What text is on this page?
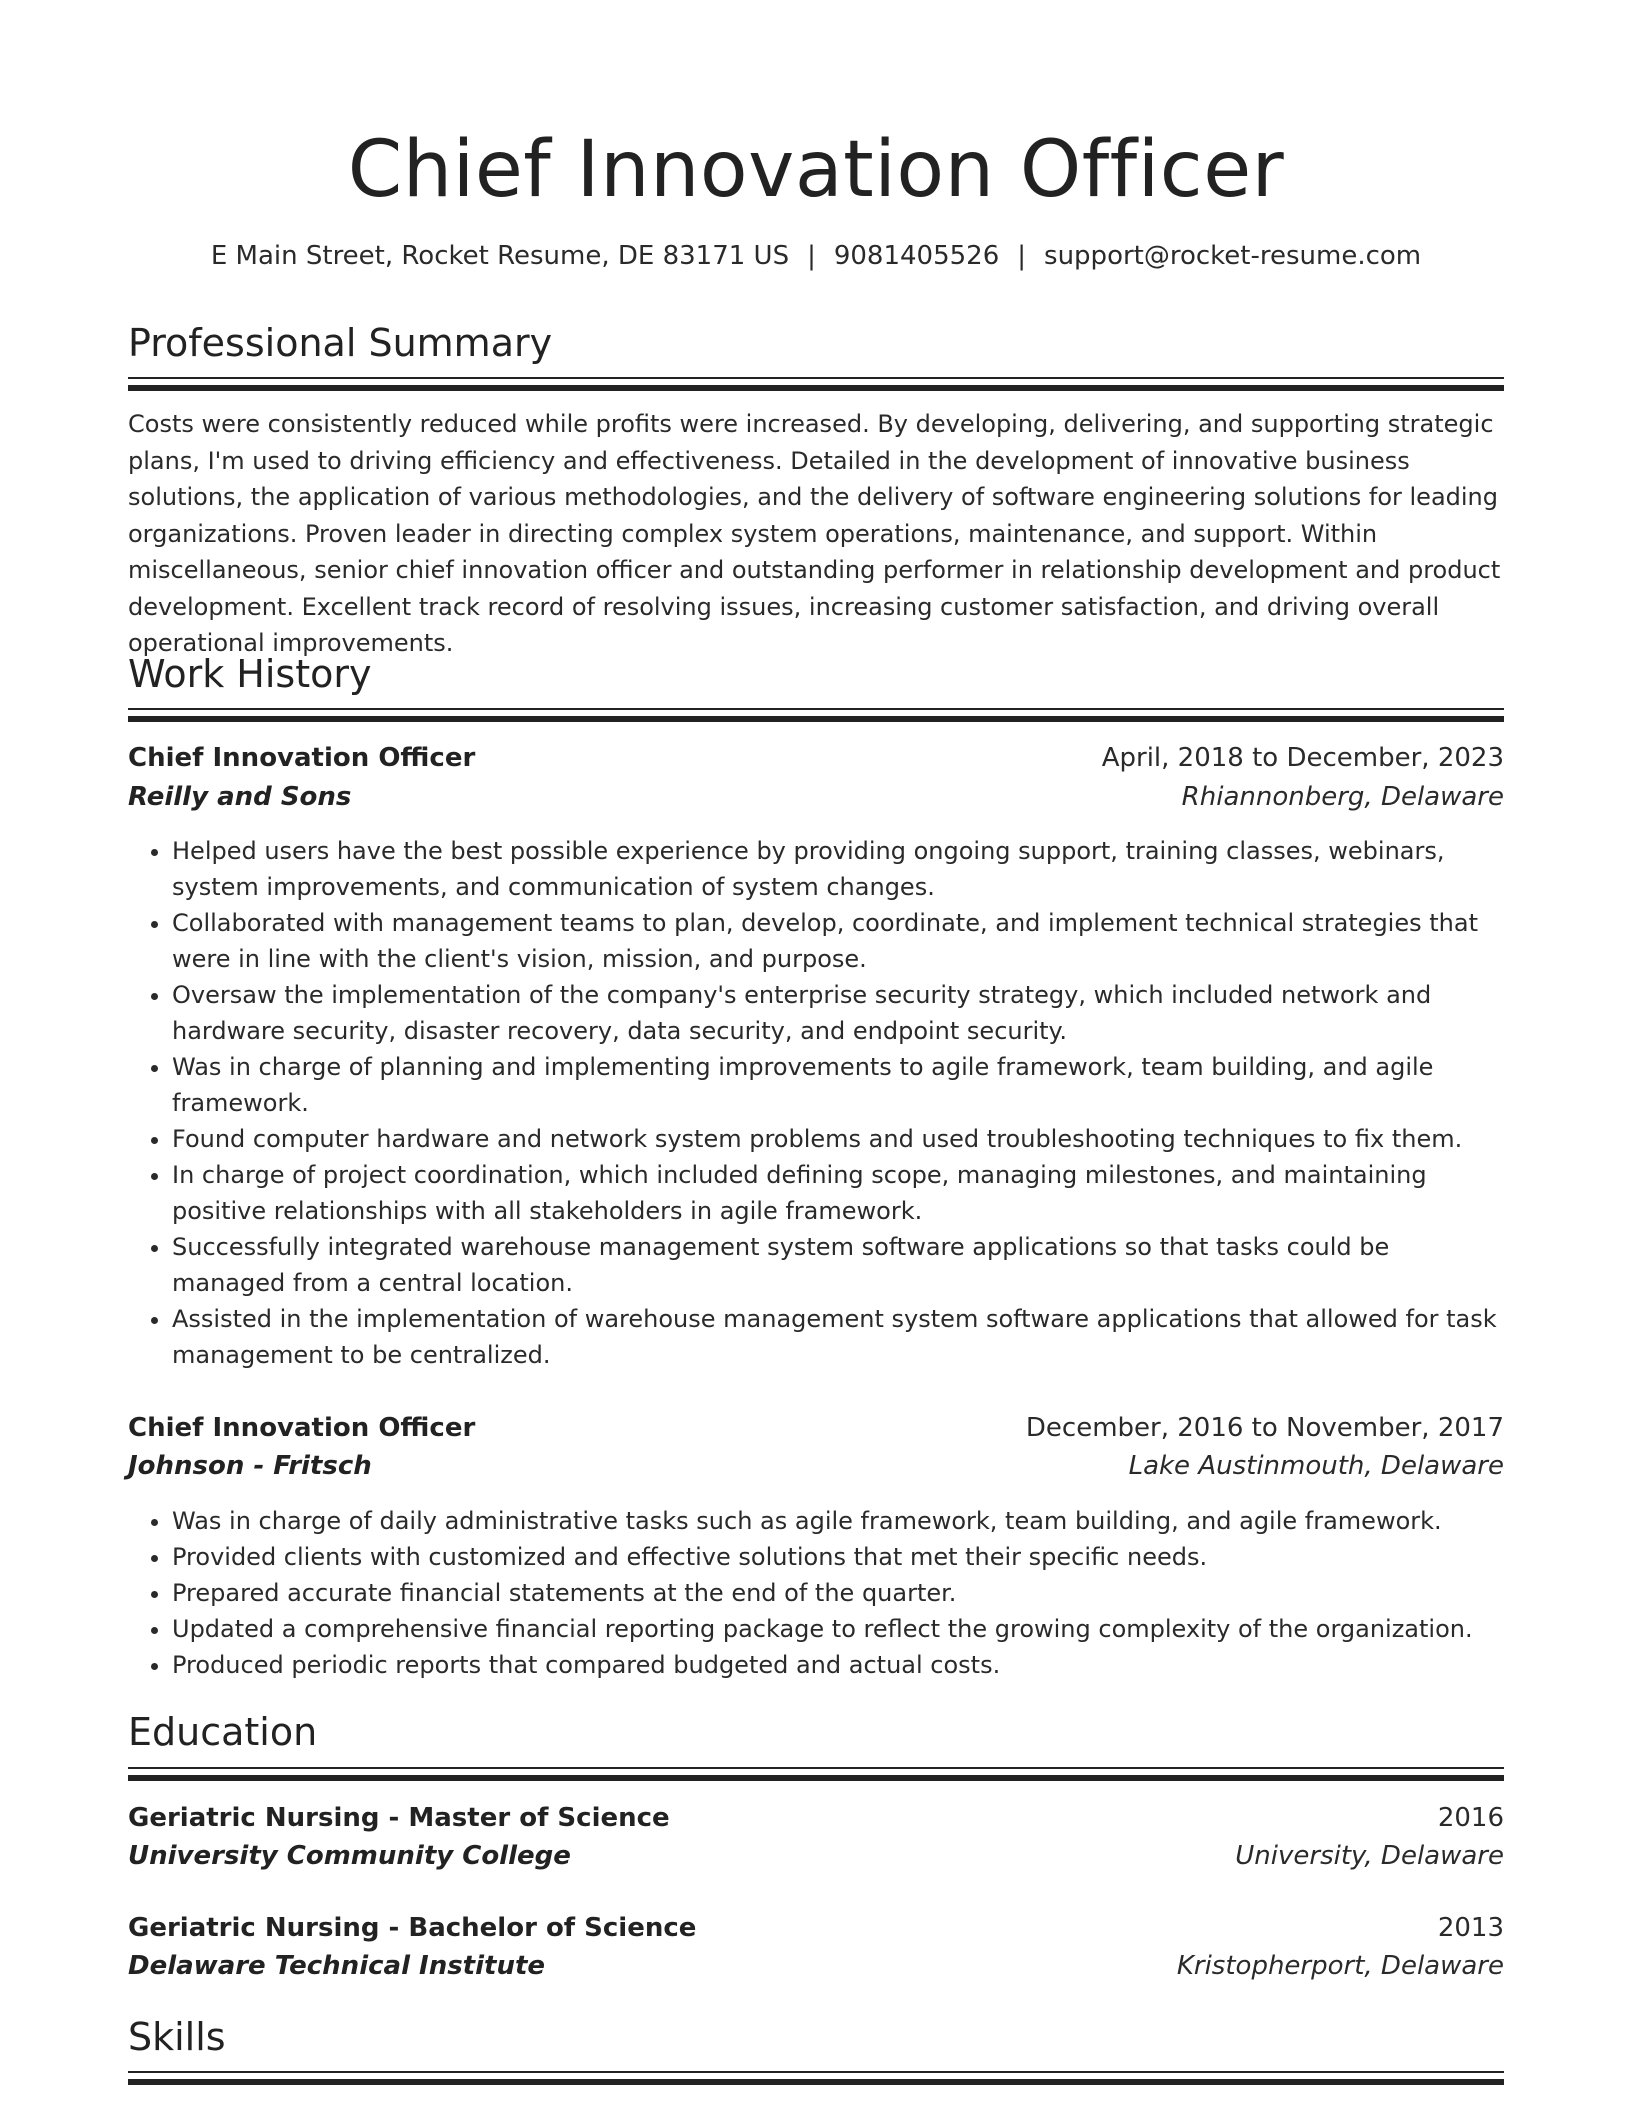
Chief Innovation Officer
E Main Street, Rocket Resume, DE 83171 US | 9081405526 | support@rocket-resume.com
Professional Summary
Costs were consistently reduced while profits were increased. By developing, delivering, and supporting strategic plans, I'm used to driving efficiency and effectiveness. Detailed in the development of innovative business solutions, the application of various methodologies, and the delivery of software engineering solutions for leading organizations. Proven leader in directing complex system operations, maintenance, and support. Within miscellaneous, senior chief innovation officer and outstanding performer in relationship development and product development. Excellent track record of resolving issues, increasing customer satisfaction, and driving overall operational improvements.
Work History
Chief Innovation Officer	April, 2018 to December, 2023
Reilly and Sons	Rhiannonberg, Delaware
• Helped users have the best possible experience by providing ongoing support, training classes, webinars, system improvements, and communication of system changes.
• Collaborated with management teams to plan, develop, coordinate, and implement technical strategies that were in line with the client's vision, mission, and purpose.
• Oversaw the implementation of the company's enterprise security strategy, which included network and hardware security, disaster recovery, data security, and endpoint security.
• Was in charge of planning and implementing improvements to agile framework, team building, and agile framework.
• Found computer hardware and network system problems and used troubleshooting techniques to fix them.
• In charge of project coordination, which included defining scope, managing milestones, and maintaining positive relationships with all stakeholders in agile framework.
• Successfully integrated warehouse management system software applications so that tasks could be managed from a central location.
• Assisted in the implementation of warehouse management system software applications that allowed for task management to be centralized.
Chief Innovation Officer	December, 2016 to November, 2017
Johnson - Fritsch	Lake Austinmouth, Delaware
• Was in charge of daily administrative tasks such as agile framework, team building, and agile framework.
• Provided clients with customized and effective solutions that met their specific needs.
• Prepared accurate financial statements at the end of the quarter.
• Updated a comprehensive financial reporting package to reflect the growing complexity of the organization.
• Produced periodic reports that compared budgeted and actual costs.
Education
Geriatric Nursing - Master of Science	2016
University Community College	University, Delaware
Geriatric Nursing - Bachelor of Science	2013
Delaware Technical Institute	Kristopherport, Delaware
Skills
